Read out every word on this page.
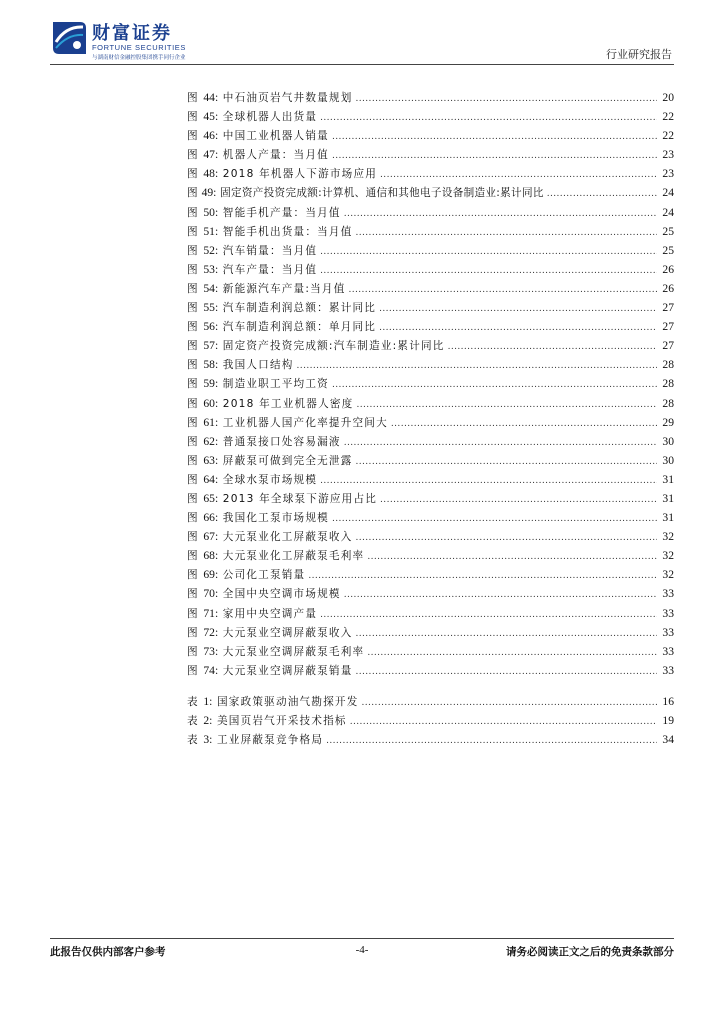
财富证券
FORTUNE SECURITIES
与湖南财信金融控股集团携手同行企业	行业研究报告
图 44: 中石油页岩气井数量规划 .....	20
图 45: 全球机器人出货量 .....	22
图 46: 中国工业机器人销量 .....	22
图 47: 机器人产量：当月值 .....	23
图 48: 2018 年机器人下游市场应用 .....	23
图 49: 固定资产投资完成额:计算机、通信和其他电子设备制造业:累计同比 .....	24
图 50: 智能手机产量：当月值 .....	24
图 51: 智能手机出货量：当月值 .....	25
图 52: 汽车销量：当月值 .....	25
图 53: 汽车产量：当月值 .....	26
图 54: 新能源汽车产量:当月值 .....	26
图 55: 汽车制造利润总额：累计同比 .....	27
图 56: 汽车制造利润总额：单月同比 .....	27
图 57: 固定资产投资完成额:汽车制造业:累计同比 .....	27
图 58: 我国人口结构 .....	28
图 59: 制造业职工平均工资 .....	28
图 60: 2018 年工业机器人密度 .....	28
图 61: 工业机器人国产化率提升空间大 .....	29
图 62: 普通泵接口处容易漏液 .....	30
图 63: 屏蔽泵可做到完全无泄露 .....	30
图 64: 全球水泵市场规模 .....	31
图 65: 2013 年全球泵下游应用占比 .....	31
图 66: 我国化工泵市场规模 .....	31
图 67: 大元泵业化工屏蔽泵收入 .....	32
图 68: 大元泵业化工屏蔽泵毛利率 .....	32
图 69: 公司化工泵销量 .....	32
图 70: 全国中央空调市场规模 .....	33
图 71: 家用中央空调产量 .....	33
图 72: 大元泵业空调屏蔽泵收入 .....	33
图 73: 大元泵业空调屏蔽泵毛利率 .....	33
图 74: 大元泵业空调屏蔽泵销量 .....	33
表 1: 国家政策驱动油气勘探开发 .....	16
表 2: 美国页岩气开采技术指标 .....	19
表 3: 工业屏蔽泵竞争格局 .....	34
此报告仅供内部客户参考	-4-	请务必阅读正文之后的免责条款部分
